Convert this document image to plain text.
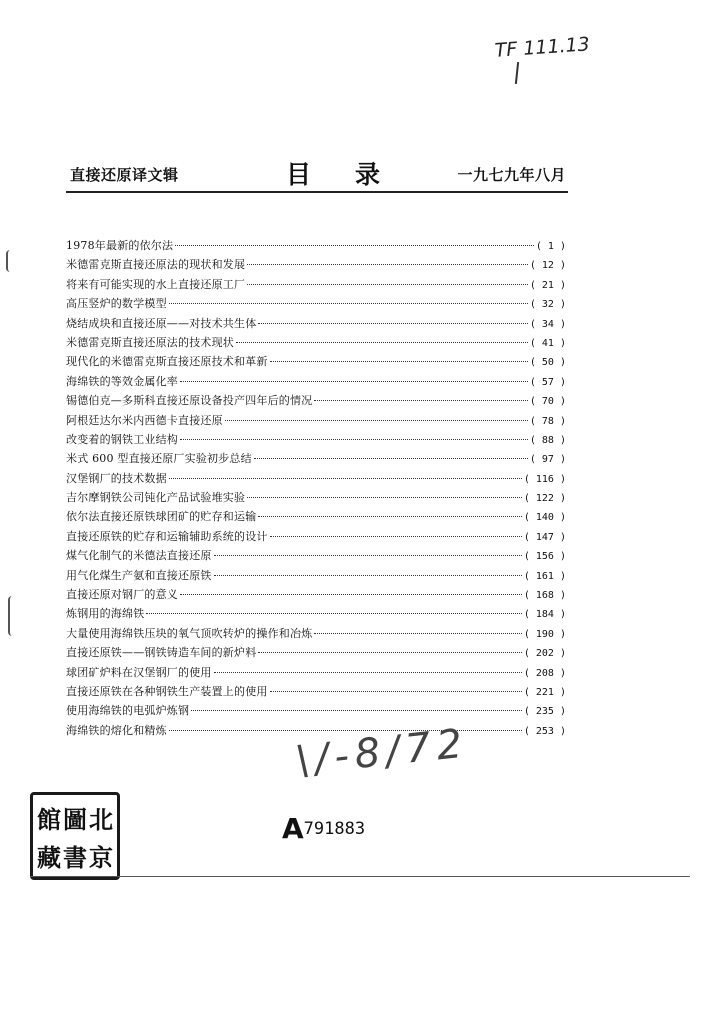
TF 111.13
直接还原译文辑	目录 一九七九年八月
1978年最新的依尔法	( 1 )
米德雷克斯直接还原法的现状和发展	( 12 )
将来有可能实现的水上直接还原工厂	( 21 )
高压竖炉的数学模型	( 32 )
烧结成块和直接还原——对技术共生体	( 34 )
米德雷克斯直接还原法的技术现状	( 41 )
现代化的米德雷克斯直接还原技术和革新	( 50 )
海绵铁的等效金属化率	( 57 )
锡德伯克—多斯科直接还原设备投产四年后的情况	( 70 )
阿根廷达尔米内西德卡直接还原	( 78 )
改变着的钢铁工业结构	( 88 )
米式 600 型直接还原厂实验初步总结	( 97 )
汉堡钢厂的技术数据	( 116 )
吉尔摩钢铁公司钝化产品试验堆实验	( 122 )
依尔法直接还原铁球团矿的贮存和运输	( 140 )
直接还原铁的贮存和运输辅助系统的设计	( 147 )
煤气化制气的米德法直接还原	( 156 )
用气化煤生产氨和直接还原铁	( 161 )
直接还原对钢厂的意义	( 168 )
炼钢用的海绵铁	( 184 )
大量使用海绵铁压块的氧气顶吹转炉的操作和冶炼	( 190 )
直接还原铁——钢铁铸造车间的新炉料	( 202 )
球团矿炉料在汉堡钢厂的使用	( 208 )
直接还原铁在各种钢铁生产装置上的使用	( 221 )
使用海绵铁的电弧炉炼钢	( 235 )
海绵铁的熔化和精炼	( 253 )
\/-8/72
館 圖 北
藏 書 京
A791883
